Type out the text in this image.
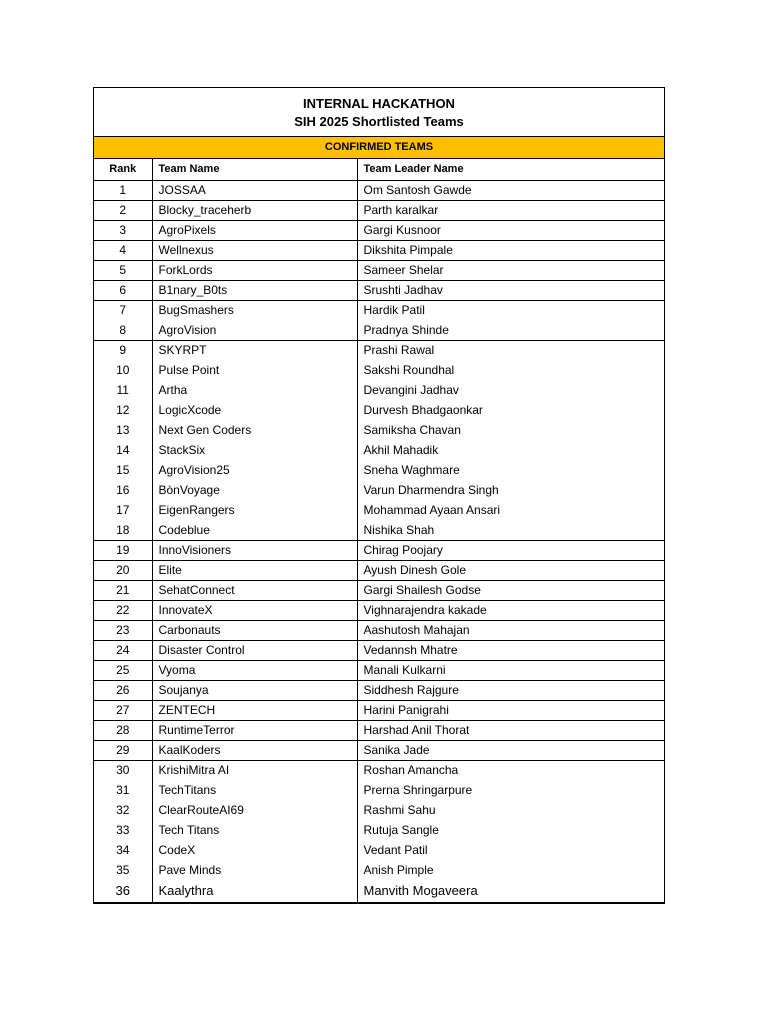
INTERNAL HACKATHON
SIH 2025 Shortlisted Teams
CONFIRMED TEAMS
Rank	Team Name	Team Leader Name
1	JOSSAA	Om Santosh Gawde
2	Blocky_traceherb	Parth karalkar
3	AgroPixels	Gargi Kusnoor
4	Wellnexus	Dikshita Pimpale
5	ForkLords	Sameer Shelar
6	B1nary_B0ts	Srushti Jadhav
7	BugSmashers	Hardik Patil
8	AgroVision	Pradnya Shinde
9	SKYRPT	Prashi Rawal
10	Pulse Point	Sakshi Roundhal
11	Artha	Devangini Jadhav
12	LogicXcode	Durvesh Bhadgaonkar
13	Next Gen Coders	Samiksha Chavan
14	StackSix	Akhil Mahadik
15	AgroVision25	Sneha Waghmare
16	BònVoyage	Varun Dharmendra Singh
17	EigenRangers	Mohammad Ayaan Ansari
18	Codeblue	Nishika Shah
19	InnoVisioners	Chirag Poojary
20	Elite	Ayush Dinesh Gole
21	SehatConnect	Gargi Shailesh Godse
22	InnovateX	Vighnarajendra kakade
23	Carbonauts	Aashutosh Mahajan
24	Disaster Control	Vedannsh Mhatre
25	Vyoma	Manali Kulkarni
26	Soujanya	Siddhesh Rajgure
27	ZENTECH	Harini Panigrahi
28	RuntimeTerror	Harshad Anil Thorat
29	KaalKoders	Sanika Jade
30	KrishiMitra AI	Roshan Amancha
31	TechTitans	Prerna Shringarpure
32	ClearRouteAI69	Rashmi Sahu
33	Tech Titans	Rutuja Sangle
34	CodeX	Vedant Patil
35	Pave Minds	Anish Pimple
36	Kaalythra	Manvith Mogaveera
